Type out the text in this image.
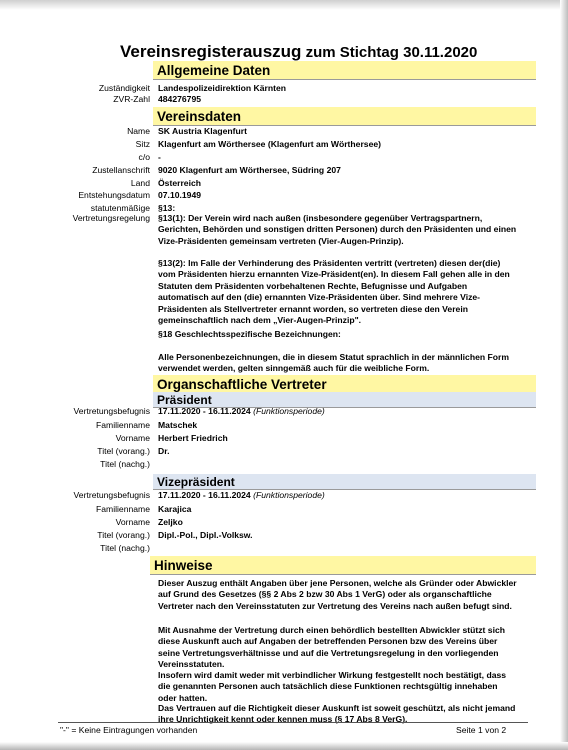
Vereinsregisterauszug zum Stichtag 30.11.2020
Allgemeine Daten
Zuständigkeit Landespolizeidirektion Kärnten
ZVR-Zahl 484276795
Vereinsdaten
Name SK Austria Klagenfurt
Sitz Klagenfurt am Wörthersee (Klagenfurt am Wörthersee)
c/o -
Zustellanschrift 9020 Klagenfurt am Wörthersee, Südring 207
Land Österreich
Entstehungsdatum 07.10.1949
statutenmäßige §13:
Vertretungsregelung §13(1): Der Verein wird nach außen (insbesondere gegenüber Vertragspartnern, Gerichten, Behörden und sonstigen dritten Personen) durch den Präsidenten und einen Vize-Präsidenten gemeinsam vertreten (Vier-Augen-Prinzip).
§13(2): Im Falle der Verhinderung des Präsidenten vertritt (vertreten) diesen der(die) vom Präsidenten hierzu ernannten Vize-Präsident(en). In diesem Fall gehen alle in den Statuten dem Präsidenten vorbehaltenen Rechte, Befugnisse und Aufgaben automatisch auf den (die) ernannten Vize-Präsidenten über. Sind mehrere Vize-Präsidenten als Stellvertreter ernannt worden, so vertreten diese den Verein gemeinschaftlich nach dem „Vier-Augen-Prinzip".
§18 Geschlechtsspezifische Bezeichnungen:
Alle Personenbezeichnungen, die in diesem Statut sprachlich in der männlichen Form verwendet werden, gelten sinngemäß auch für die weibliche Form.
Organschaftliche Vertreter
Präsident
Vertretungsbefugnis 17.11.2020 - 16.11.2024 (Funktionsperiode)
Familienname Matschek
Vorname Herbert Friedrich
Titel (vorang.) Dr.
Titel (nachg.)
Vizepräsident
Vertretungsbefugnis 17.11.2020 - 16.11.2024 (Funktionsperiode)
Familienname Karajica
Vorname Zeljko
Titel (vorang.) Dipl.-Pol., Dipl.-Volksw.
Titel (nachg.)
Hinweise
Dieser Auszug enthält Angaben über jene Personen, welche als Gründer oder Abwickler auf Grund des Gesetzes (§§ 2 Abs 2 bzw 30 Abs 1 VerG) oder als organschaftliche Vertreter nach den Vereinsstatuten zur Vertretung des Vereins nach außen befugt sind.
Mit Ausnahme der Vertretung durch einen behördlich bestellten Abwickler stützt sich diese Auskunft auch auf Angaben der betreffenden Personen bzw des Vereins über seine Vertretungsverhältnisse und auf die Vertretungsregelung in den vorliegenden Vereinsstatuten.
Insofern wird damit weder mit verbindlicher Wirkung festgestellt noch bestätigt, dass die genannten Personen auch tatsächlich diese Funktionen rechtsgültig innehaben oder hatten.
Das Vertrauen auf die Richtigkeit dieser Auskunft ist soweit geschützt, als nicht jemand ihre Unrichtigkeit kennt oder kennen muss (§ 17 Abs 8 VerG).
"-" = Keine Eintragungen vorhanden	Seite 1 von 2
